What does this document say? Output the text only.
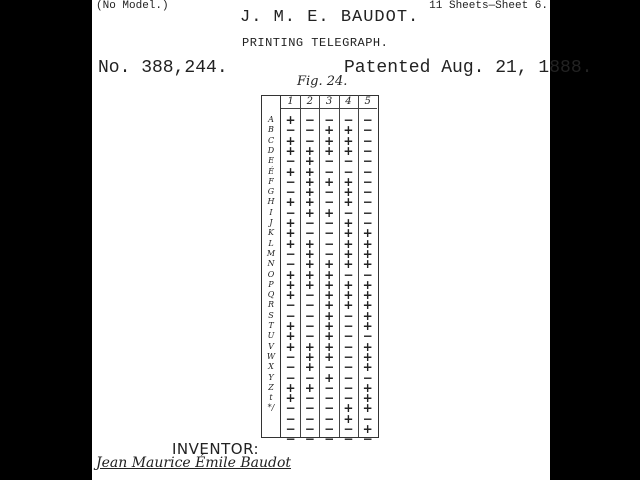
(No Model.)	11 Sheets—Sheet 6.
J. M. E. BAUDOT.
PRINTING TELEGRAPH.
No. 388,244.	Patented Aug. 21, 1888.
Fig. 24.
A
B
C
D
E
É
F
G
H
I
J
K
L
M
N
O
P
Q
R
S
T
U
V
W
X
Y
Z
t
*/
1
+
−
+
+
−
+
−
−
+
−
+
+
+
−
−
+
+
+
−
−
+
+
+
−
−
−
+
+
−
−
−
−
2
−
−
−
+
+
+
+
+
+
+
−
−
+
+
+
+
+
−
−
−
−
−
+
+
+
−
+
−
−
−
−
−
3
−
+
+
+
−
−
+
−
−
+
−
−
−
−
+
+
+
+
+
+
+
+
+
+
−
+
−
−
−
−
−
−
4
−
+
+
+
−
−
+
+
+
−
+
+
+
+
+
−
+
+
+
−
−
−
−
−
−
−
−
−
+
+
−
−
5
−
−
−
−
−
−
−
−
−
−
−
+
+
+
+
−
+
+
+
+
+
−
+
+
+
−
+
+
+
−
+
−
INVENTOR:
Jean Maurice Émile Baudot
